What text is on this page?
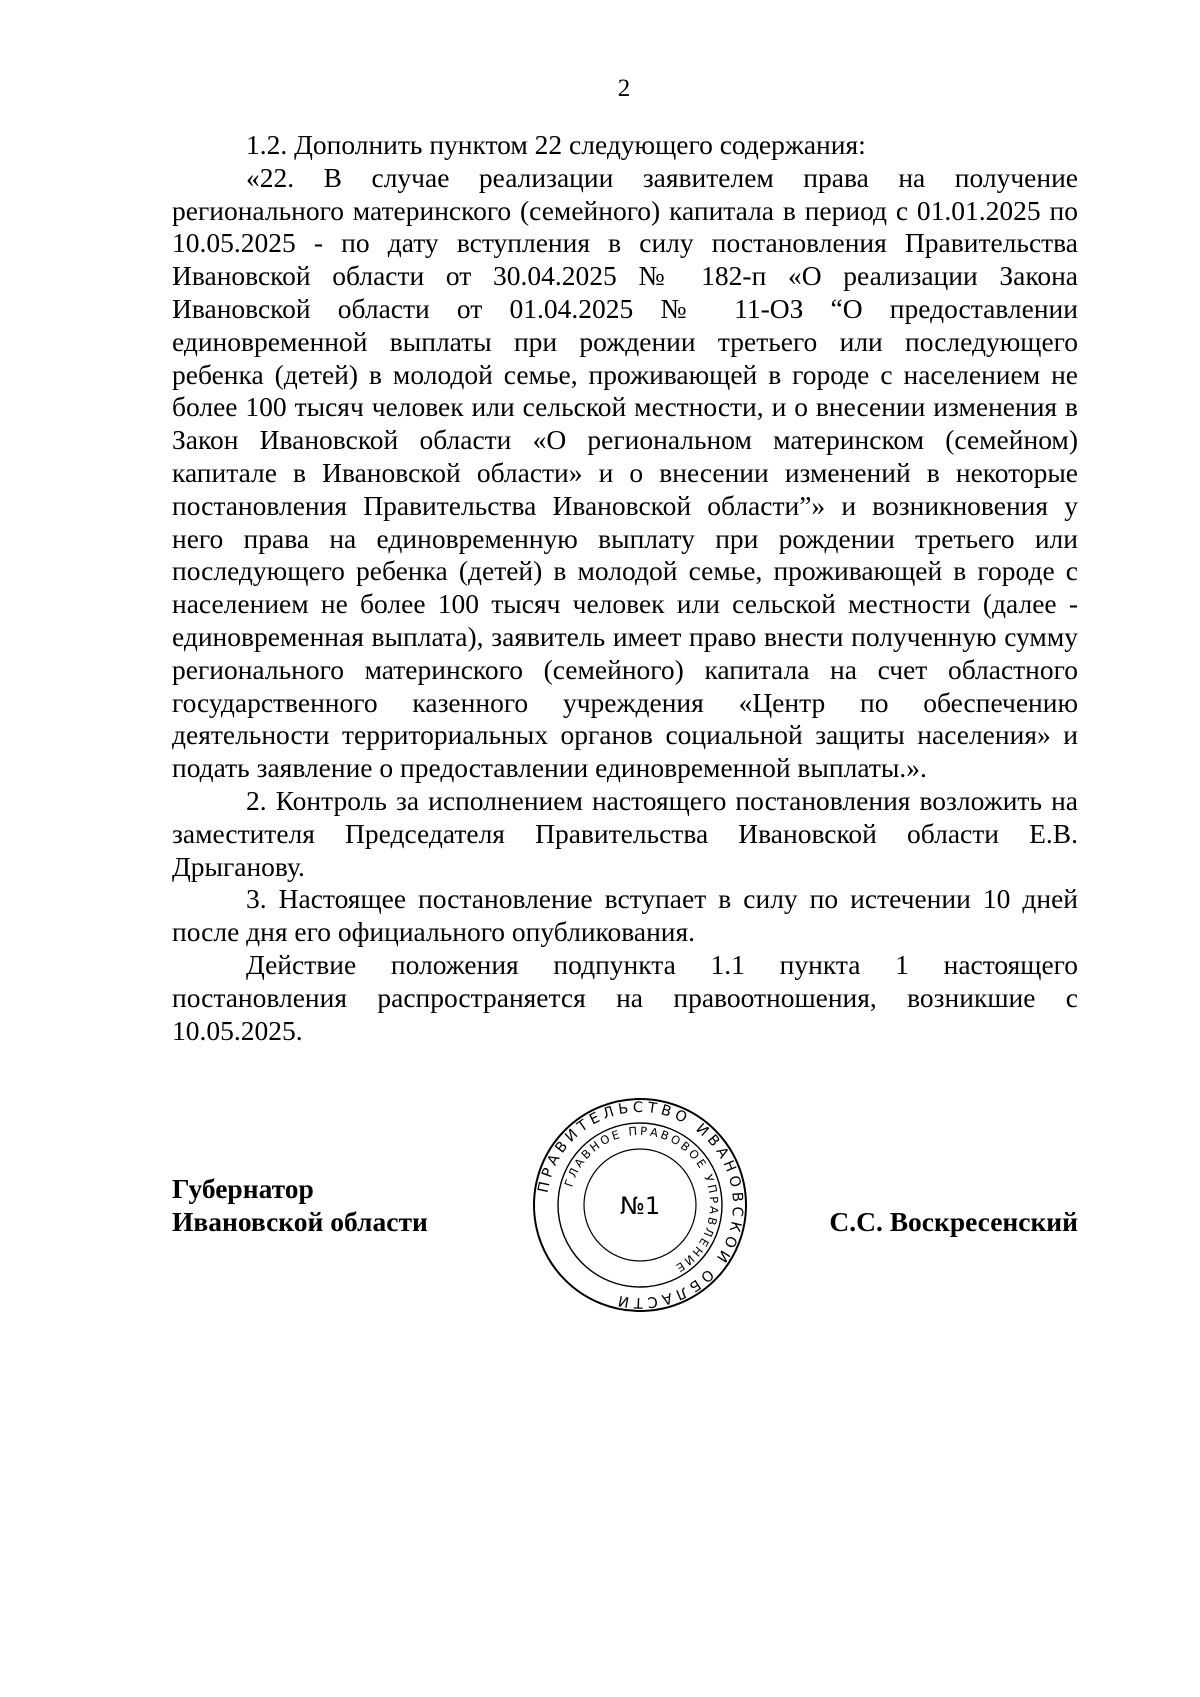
2

1.2. Дополнить пунктом 22 следующего содержания:

«22. В случае реализации заявителем права на получение регионального материнского (семейного) капитала в период с 01.01.2025 по 10.05.2025 - по дату вступления в силу постановления Правительства Ивановской области от 30.04.2025 № 182-п «О реализации Закона Ивановской области от 01.04.2025 № 11-ОЗ “О предоставлении единовременной выплаты при рождении третьего или последующего ребенка (детей) в молодой семье, проживающей в городе с населением не более 100 тысяч человек или сельской местности, и о внесении изменения в Закон Ивановской области «О региональном материнском (семейном) капитале в Ивановской области» и о внесении изменений в некоторые постановления Правительства Ивановской области”» и возникновения у него права на единовременную выплату при рождении третьего или последующего ребенка (детей) в молодой семье, проживающей в городе с населением не более 100 тысяч человек или сельской местности (далее - единовременная выплата), заявитель имеет право внести полученную сумму регионального материнского (семейного) капитала на счет областного государственного казенного учреждения «Центр по обеспечению деятельности территориальных органов социальной защиты населения» и подать заявление о предоставлении единовременной выплаты.».

2. Контроль за исполнением настоящего постановления возложить на заместителя Председателя Правительства Ивановской области Е.В. Дрыганову.

3. Настоящее постановление вступает в силу по истечении 10 дней после дня его официального опубликования.

Действие положения подпункта 1.1 пункта 1 настоящего постановления распространяется на правоотношения, возникшие с 10.05.2025.

Губернатор
Ивановской области
ПРАВИТЕЛЬСТВО ИВАНОВСКОЙ ОБЛАСТИ
ГЛАВНОЕ ПРАВОВОЕ УПРАВЛЕНИЕ
№1	С.С. Воскресенский
